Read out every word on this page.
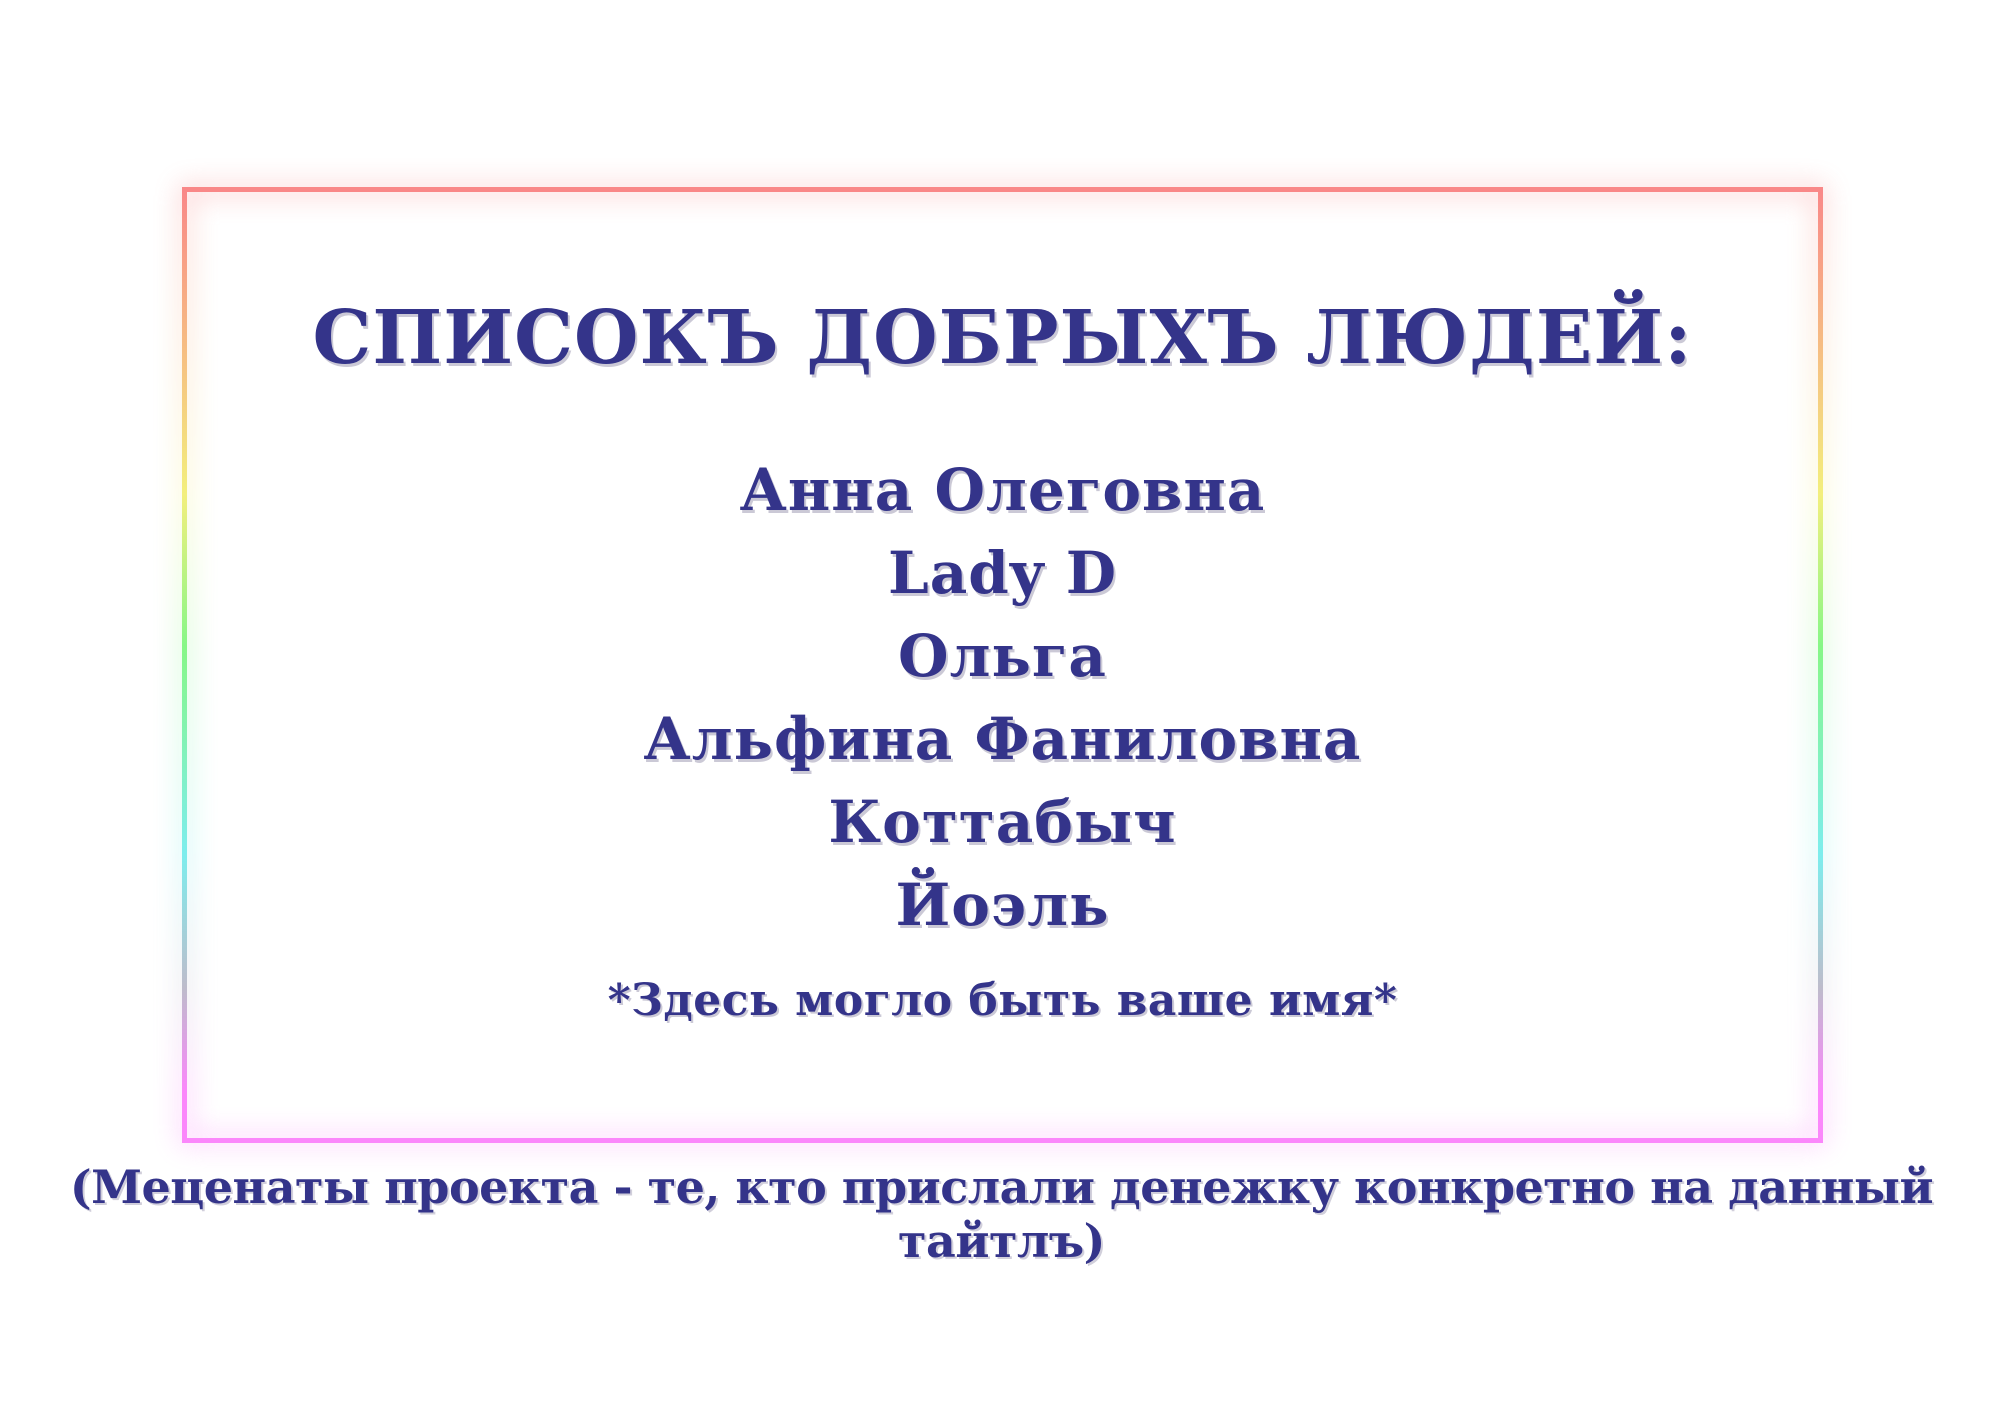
СПИСОКЪ ДОБРЫХЪ ЛЮДЕЙ:
Анна Олеговна
Lady D
Ольга
Альфина Фаниловна
Коттабыч
Йоэль
*Здесь могло быть ваше имя*
(Меценаты проекта - те, кто прислали денежку конкретно на данный тайтлъ)
